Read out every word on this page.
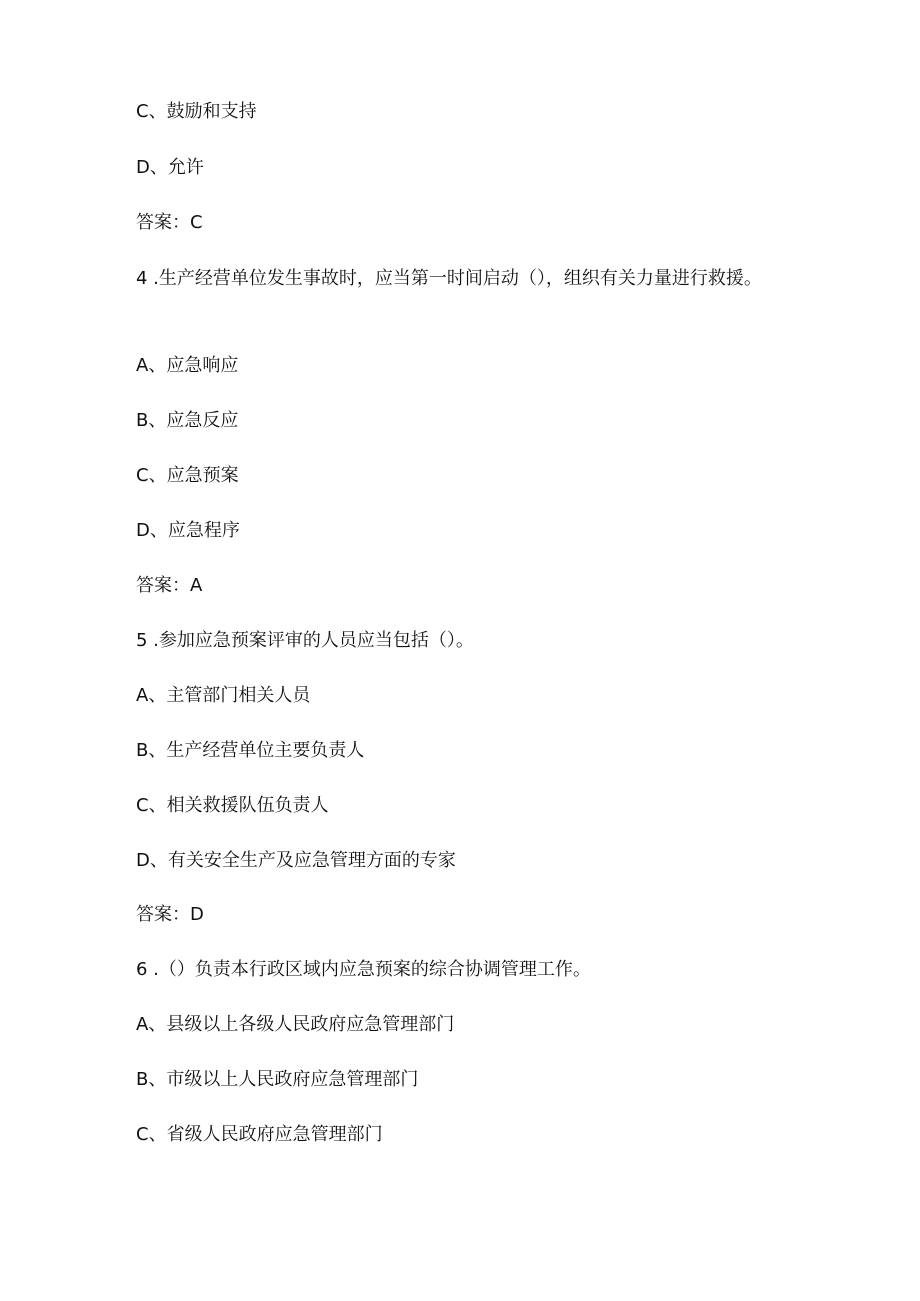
C、鼓励和支持
D、允许
答案：C
4 .生产经营单位发生事故时，应当第一时间启动（），组织有关力量进行救援。
A、应急响应
B、应急反应
C、应急预案
D、应急程序
答案：A
5 .参加应急预案评审的人员应当包括（）。
A、主管部门相关人员
B、生产经营单位主要负责人
C、相关救援队伍负责人
D、有关安全生产及应急管理方面的专家
答案：D
6 .（）负责本行政区域内应急预案的综合协调管理工作。
A、县级以上各级人民政府应急管理部门
B、市级以上人民政府应急管理部门
C、省级人民政府应急管理部门
